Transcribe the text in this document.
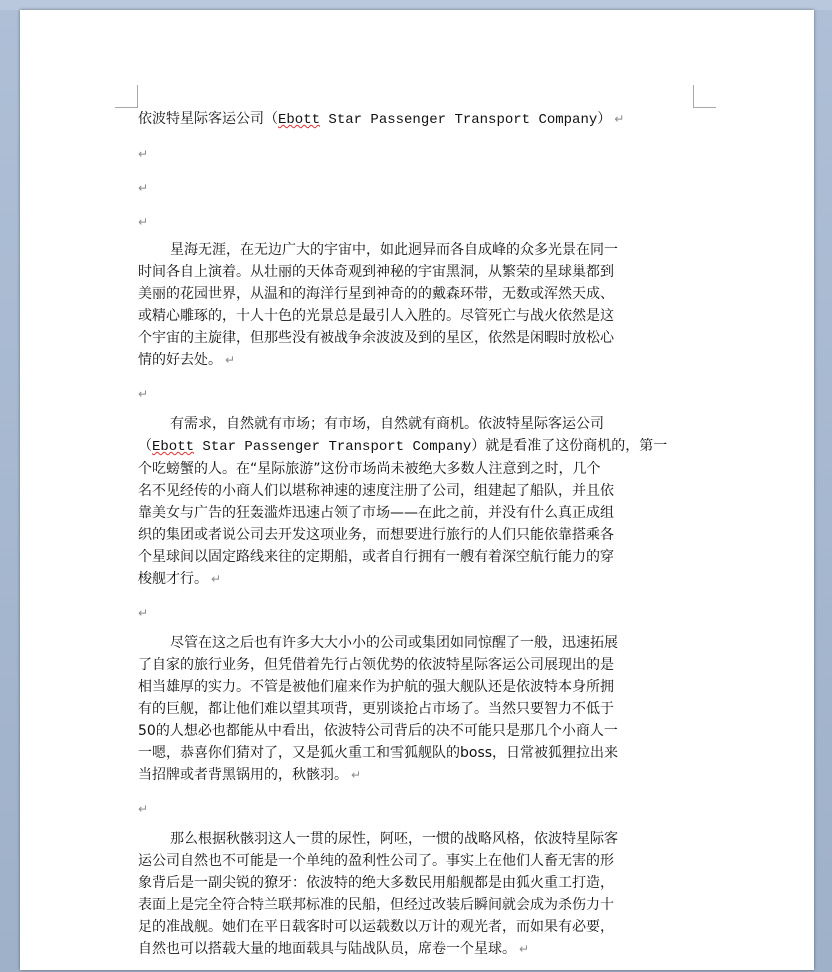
依波特星际客运公司（Ebott Star Passenger Transport Company） ↵
↵
↵
↵
星海无涯，在无边广大的宇宙中，如此迥异而各自成峰的众多光景在同一
时间各自上演着。从壮丽的天体奇观到神秘的宇宙黑洞，从繁荣的星球巢都到
美丽的花园世界，从温和的海洋行星到神奇的的戴森环带，无数或浑然天成、
或精心雕琢的，十人十色的光景总是最引人入胜的。尽管死亡与战火依然是这
个宇宙的主旋律，但那些没有被战争余波波及到的星区，依然是闲暇时放松心
情的好去处。 ↵
↵
有需求，自然就有市场；有市场，自然就有商机。依波特星际客运公司
（Ebott Star Passenger Transport Company）就是看准了这份商机的，第一
个吃螃蟹的人。在“星际旅游”这份市场尚未被绝大多数人注意到之时，几个
名不见经传的小商人们以堪称神速的速度注册了公司，组建起了船队，并且依
靠美女与广告的狂轰滥炸迅速占领了市场——在此之前，并没有什么真正成组
织的集团或者说公司去开发这项业务，而想要进行旅行的人们只能依靠搭乘各
个星球间以固定路线来往的定期船，或者自行拥有一艘有着深空航行能力的穿
梭舰才行。 ↵
↵
尽管在这之后也有许多大大小小的公司或集团如同惊醒了一般，迅速拓展
了自家的旅行业务，但凭借着先行占领优势的依波特星际客运公司展现出的是
相当雄厚的实力。不管是被他们雇来作为护航的强大舰队还是依波特本身所拥
有的巨舰，都让他们难以望其项背，更别谈抢占市场了。当然只要智力不低于
50的人想必也都能从中看出，依波特公司背后的决不可能只是那几个小商人一
一嗯，恭喜你们猜对了，又是狐火重工和雪狐舰队的boss，日常被狐狸拉出来
当招牌或者背黑锅用的，秋骸羽。 ↵
↵
那么根据秋骸羽这人一贯的尿性，阿呸，一惯的战略风格，依波特星际客
运公司自然也不可能是一个单纯的盈利性公司了。事实上在他们人畜无害的形
象背后是一副尖锐的獠牙：依波特的绝大多数民用船舰都是由狐火重工打造，
表面上是完全符合特兰联邦标准的民船，但经过改装后瞬间就会成为杀伤力十
足的准战舰。她们在平日载客时可以运载数以万计的观光者，而如果有必要，
自然也可以搭载大量的地面载具与陆战队员，席卷一个星球。 ↵
